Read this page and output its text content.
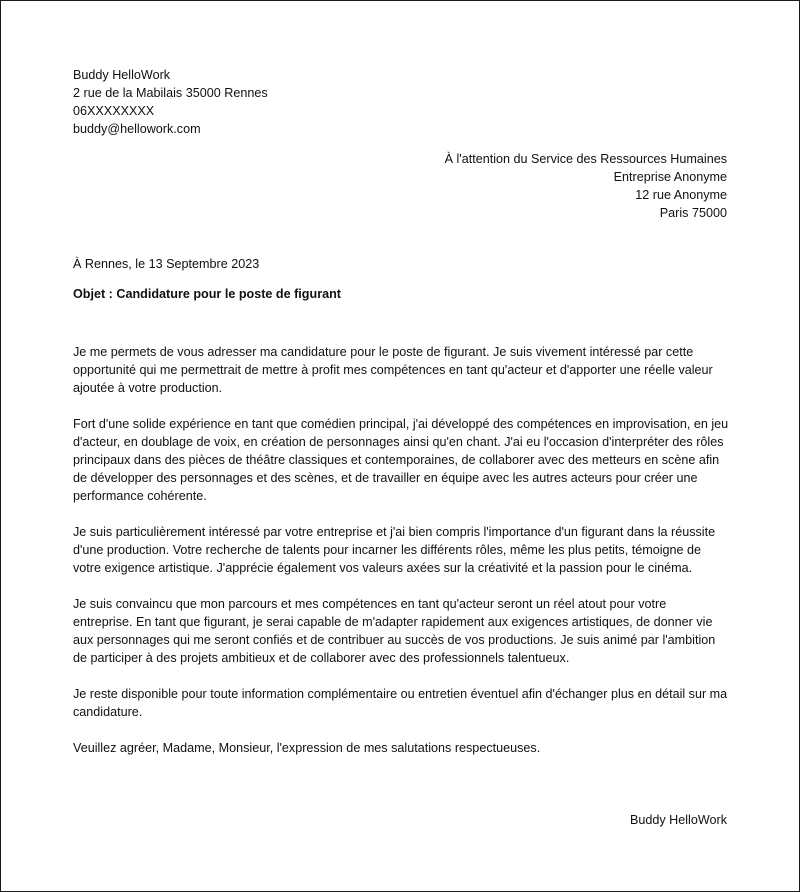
Buddy HelloWork
2 rue de la Mabilais 35000 Rennes
06XXXXXXXX
buddy@hellowork.com
À l'attention du Service des Ressources Humaines
Entreprise Anonyme
12 rue Anonyme
Paris 75000
À Rennes, le 13 Septembre 2023
Objet : Candidature pour le poste de figurant

Je me permets de vous adresser ma candidature pour le poste de figurant. Je suis vivement intéressé par cette opportunité qui me permettrait de mettre à profit mes compétences en tant qu'acteur et d'apporter une réelle valeur ajoutée à votre production.

Fort d'une solide expérience en tant que comédien principal, j'ai développé des compétences en improvisation, en jeu d'acteur, en doublage de voix, en création de personnages ainsi qu'en chant. J'ai eu l'occasion d'interpréter des rôles principaux dans des pièces de théâtre classiques et contemporaines, de collaborer avec des metteurs en scène afin de développer des personnages et des scènes, et de travailler en équipe avec les autres acteurs pour créer une performance cohérente.

Je suis particulièrement intéressé par votre entreprise et j'ai bien compris l'importance d'un figurant dans la réussite d'une production. Votre recherche de talents pour incarner les différents rôles, même les plus petits, témoigne de votre exigence artistique. J'apprécie également vos valeurs axées sur la créativité et la passion pour le cinéma.

Je suis convaincu que mon parcours et mes compétences en tant qu'acteur seront un réel atout pour votre entreprise. En tant que figurant, je serai capable de m'adapter rapidement aux exigences artistiques, de donner vie aux personnages qui me seront confiés et de contribuer au succès de vos productions. Je suis animé par l'ambition de participer à des projets ambitieux et de collaborer avec des professionnels talentueux.

Je reste disponible pour toute information complémentaire ou entretien éventuel afin d'échanger plus en détail sur ma candidature.

Veuillez agréer, Madame, Monsieur, l'expression de mes salutations respectueuses.

Buddy HelloWork
